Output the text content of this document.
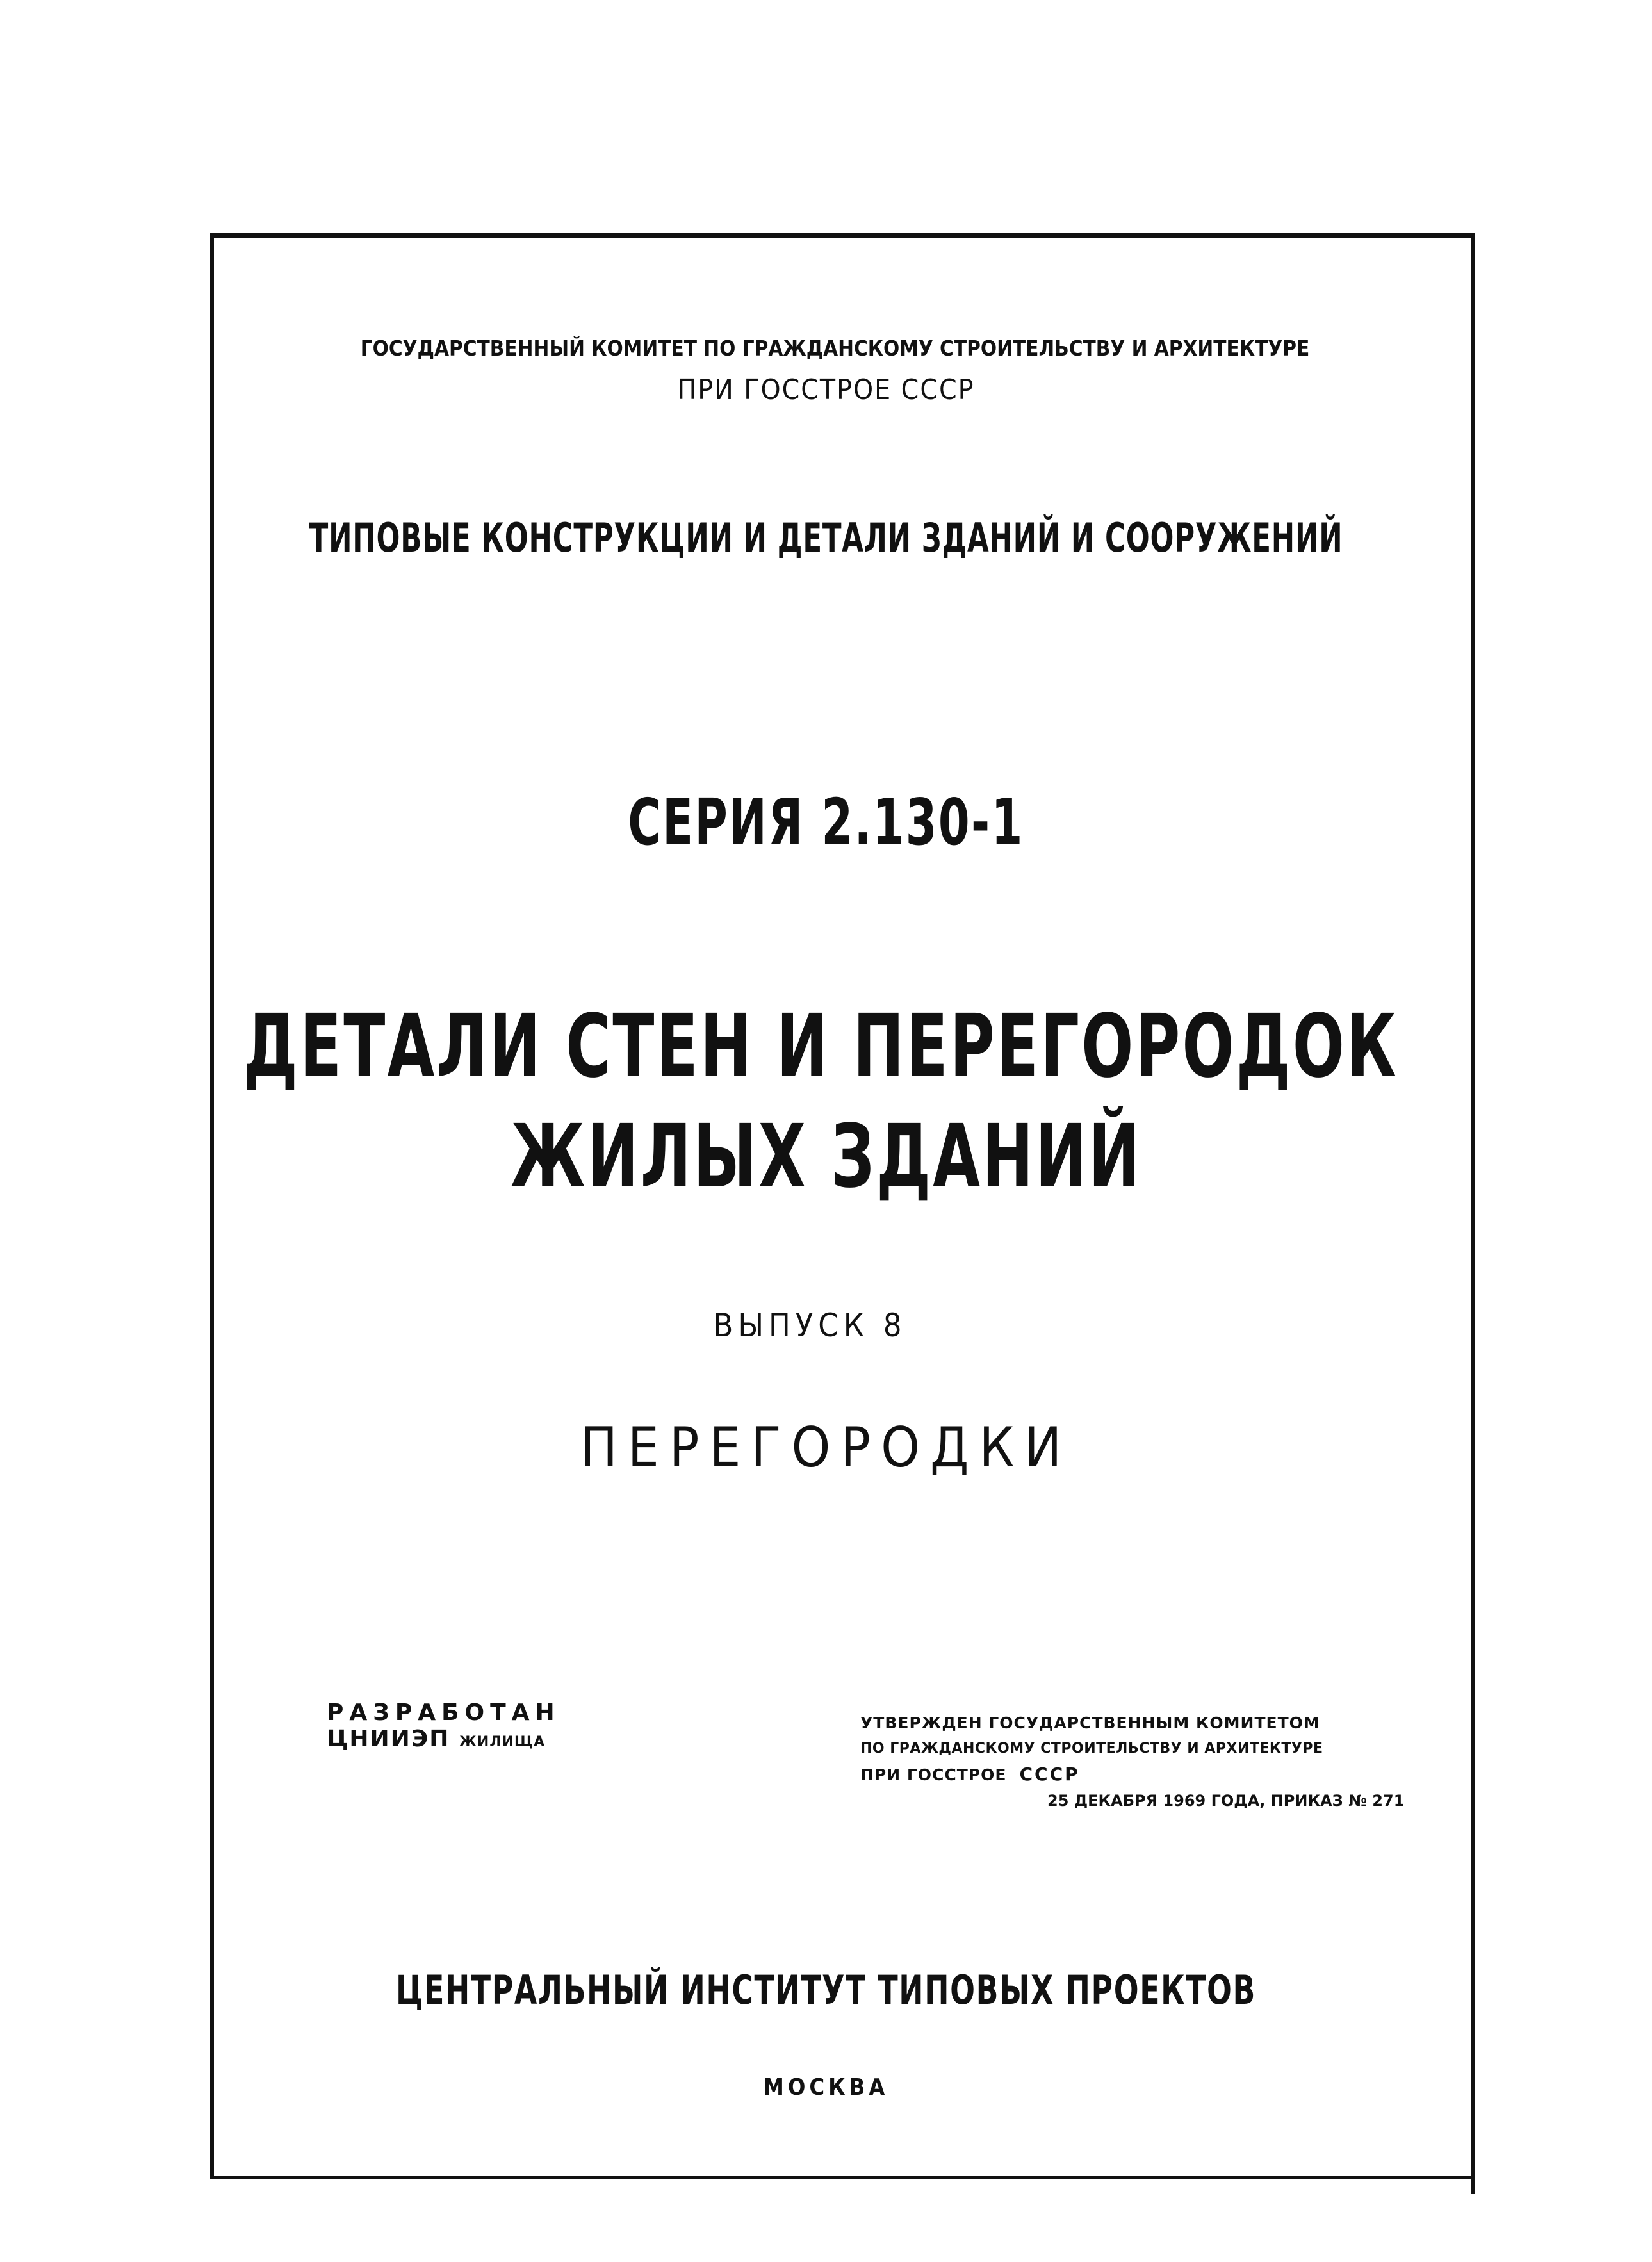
ГОСУДАРСТВЕННЫЙ КОМИТЕТ ПО ГРАЖДАНСКОМУ СТРОИТЕЛЬСТВУ И АРХИТЕКТУРЕ
ПРИ ГОССТРОЕ СССР
ТИПОВЫЕ КОНСТРУКЦИИ И ДЕТАЛИ ЗДАНИЙ И СООРУЖЕНИЙ
СЕРИЯ 2.130-1
ДЕТАЛИ СТЕН И ПЕРЕГОРОДОК
ЖИЛЫХ ЗДАНИЙ
ВЫПУСК 8
ПЕРЕГОРОДКИ
РАЗРАБОТАН
ЦНИИЭП ЖИЛИЩА
УТВЕРЖДЕН ГОСУДАРСТВЕННЫМ КОМИТЕТОМ
ПО ГРАЖДАНСКОМУ СТРОИТЕЛЬСТВУ И АРХИТЕКТУРЕ
ПРИ ГОССТРОЕ СССР
25 ДЕКАБРЯ 1969 ГОДА, ПРИКАЗ № 271
ЦЕНТРАЛЬНЫЙ ИНСТИТУТ ТИПОВЫХ ПРОЕКТОВ
МОСКВА
